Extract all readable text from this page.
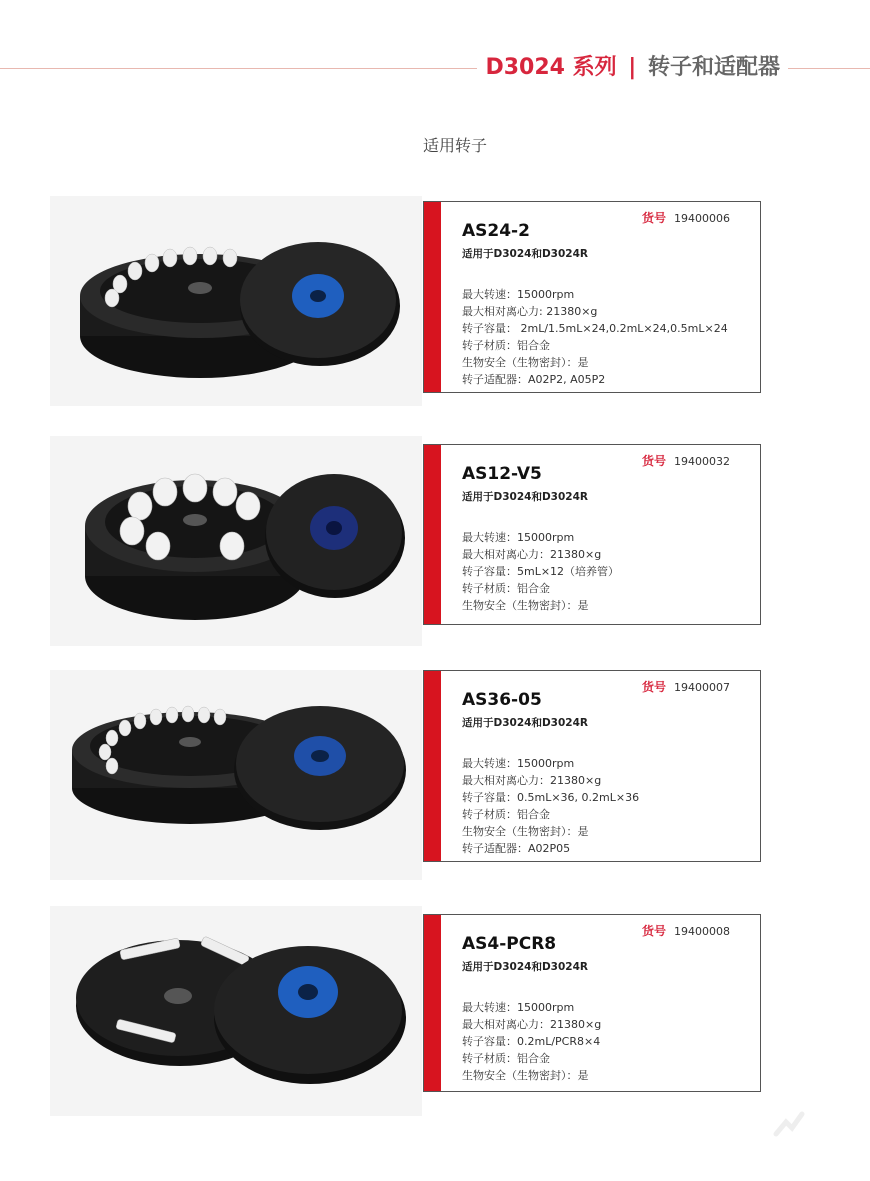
D3024 系列 | 转子和适配器
适用转子
货号 19400006
AS24-2
适用于D3024和D3024R
最大转速：15000rpm
最大相对离心力: 21380×g
转子容量： 2mL/1.5mL×24,0.2mL×24,0.5mL×24
转子材质：铝合金
生物安全（生物密封）：是
转子适配器：A02P2, A05P2
货号 19400032
AS12-V5
适用于D3024和D3024R
最大转速：15000rpm
最大相对离心力：21380×g
转子容量：5mL×12（培养管）
转子材质：铝合金
生物安全（生物密封）：是
货号 19400007
AS36-05
适用于D3024和D3024R
最大转速：15000rpm
最大相对离心力：21380×g
转子容量：0.5mL×36, 0.2mL×36
转子材质：铝合金
生物安全（生物密封）：是
转子适配器：A02P05
货号 19400008
AS4-PCR8
适用于D3024和D3024R
最大转速：15000rpm
最大相对离心力：21380×g
转子容量：0.2mL/PCR8×4
转子材质：铝合金
生物安全（生物密封）：是
